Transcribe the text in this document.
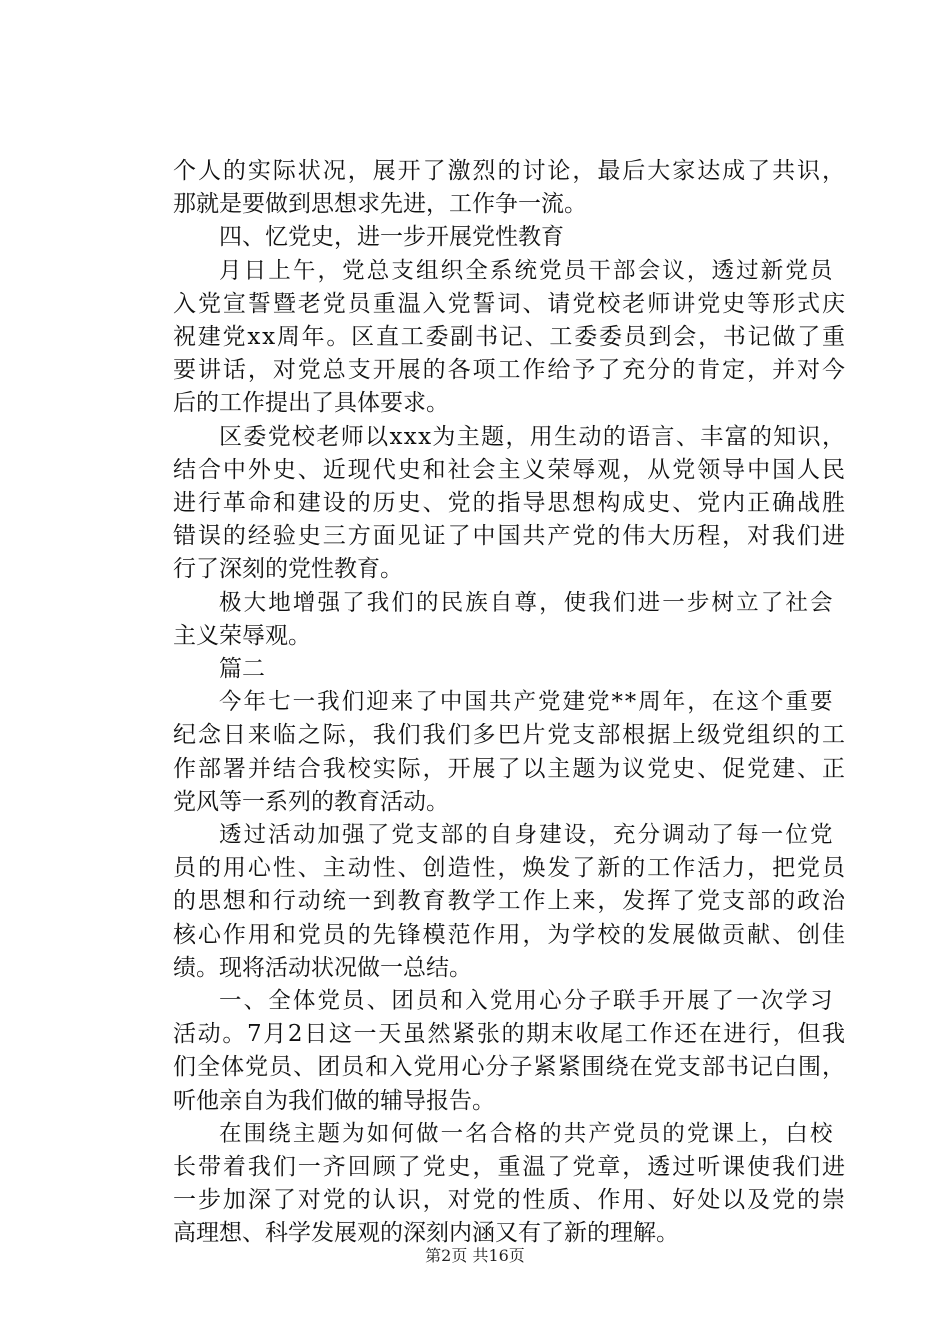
个人的实际状况，展开了激烈的讨论，最后大家达成了共识，
那就是要做到思想求先进，工作争一流。
四、忆党史，进一步开展党性教育
月日上午，党总支组织全系统党员干部会议，透过新党员
入党宣誓暨老党员重温入党誓词、请党校老师讲党史等形式庆
祝建党xx周年。区直工委副书记、工委委员到会，书记做了重
要讲话，对党总支开展的各项工作给予了充分的肯定，并对今
后的工作提出了具体要求。
区委党校老师以xxx为主题，用生动的语言、丰富的知识，
结合中外史、近现代史和社会主义荣辱观，从党领导中国人民
进行革命和建设的历史、党的指导思想构成史、党内正确战胜
错误的经验史三方面见证了中国共产党的伟大历程，对我们进
行了深刻的党性教育。
极大地增强了我们的民族自尊，使我们进一步树立了社会
主义荣辱观。
篇二
今年七一我们迎来了中国共产党建党**周年，在这个重要
纪念日来临之际，我们我们多巴片党支部根据上级党组织的工
作部署并结合我校实际，开展了以主题为议党史、促党建、正
党风等一系列的教育活动。
透过活动加强了党支部的自身建设，充分调动了每一位党
员的用心性、主动性、创造性，焕发了新的工作活力，把党员
的思想和行动统一到教育教学工作上来，发挥了党支部的政治
核心作用和党员的先锋模范作用，为学校的发展做贡献、创佳
绩。现将活动状况做一总结。
一、全体党员、团员和入党用心分子联手开展了一次学习
活动。7月2日这一天虽然紧张的期末收尾工作还在进行，但我
们全体党员、团员和入党用心分子紧紧围绕在党支部书记白围，
听他亲自为我们做的辅导报告。
在围绕主题为如何做一名合格的共产党员的党课上，白校
长带着我们一齐回顾了党史，重温了党章，透过听课使我们进
一步加深了对党的认识，对党的性质、作用、好处以及党的崇
高理想、科学发展观的深刻内涵又有了新的理解。
第2页 共16页
